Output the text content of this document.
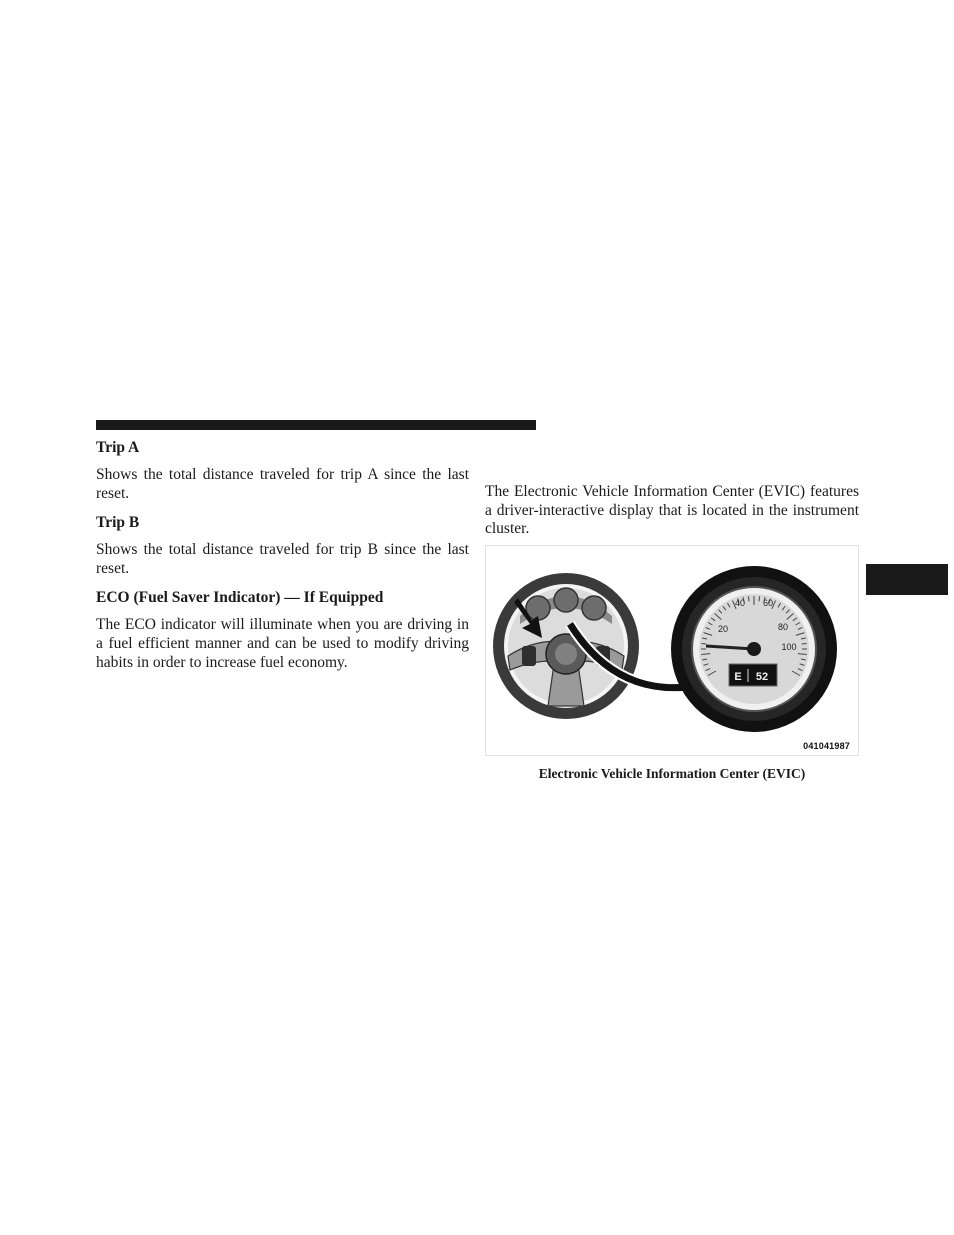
Trip A

Shows the total distance traveled for trip A since the last reset.

Trip B

Shows the total distance traveled for trip B since the last reset.

ECO (Fuel Saver Indicator) — If Equipped

The ECO indicator will illuminate when you are driving in a fuel efficient manner and can be used to modify driving habits in order to increase fuel economy.

The Electronic Vehicle Information Center (EVIC) features a driver-interactive display that is located in the instrument cluster.

20
40 60
80
100
E 52
041041987
Electronic Vehicle Information Center (EVIC)
